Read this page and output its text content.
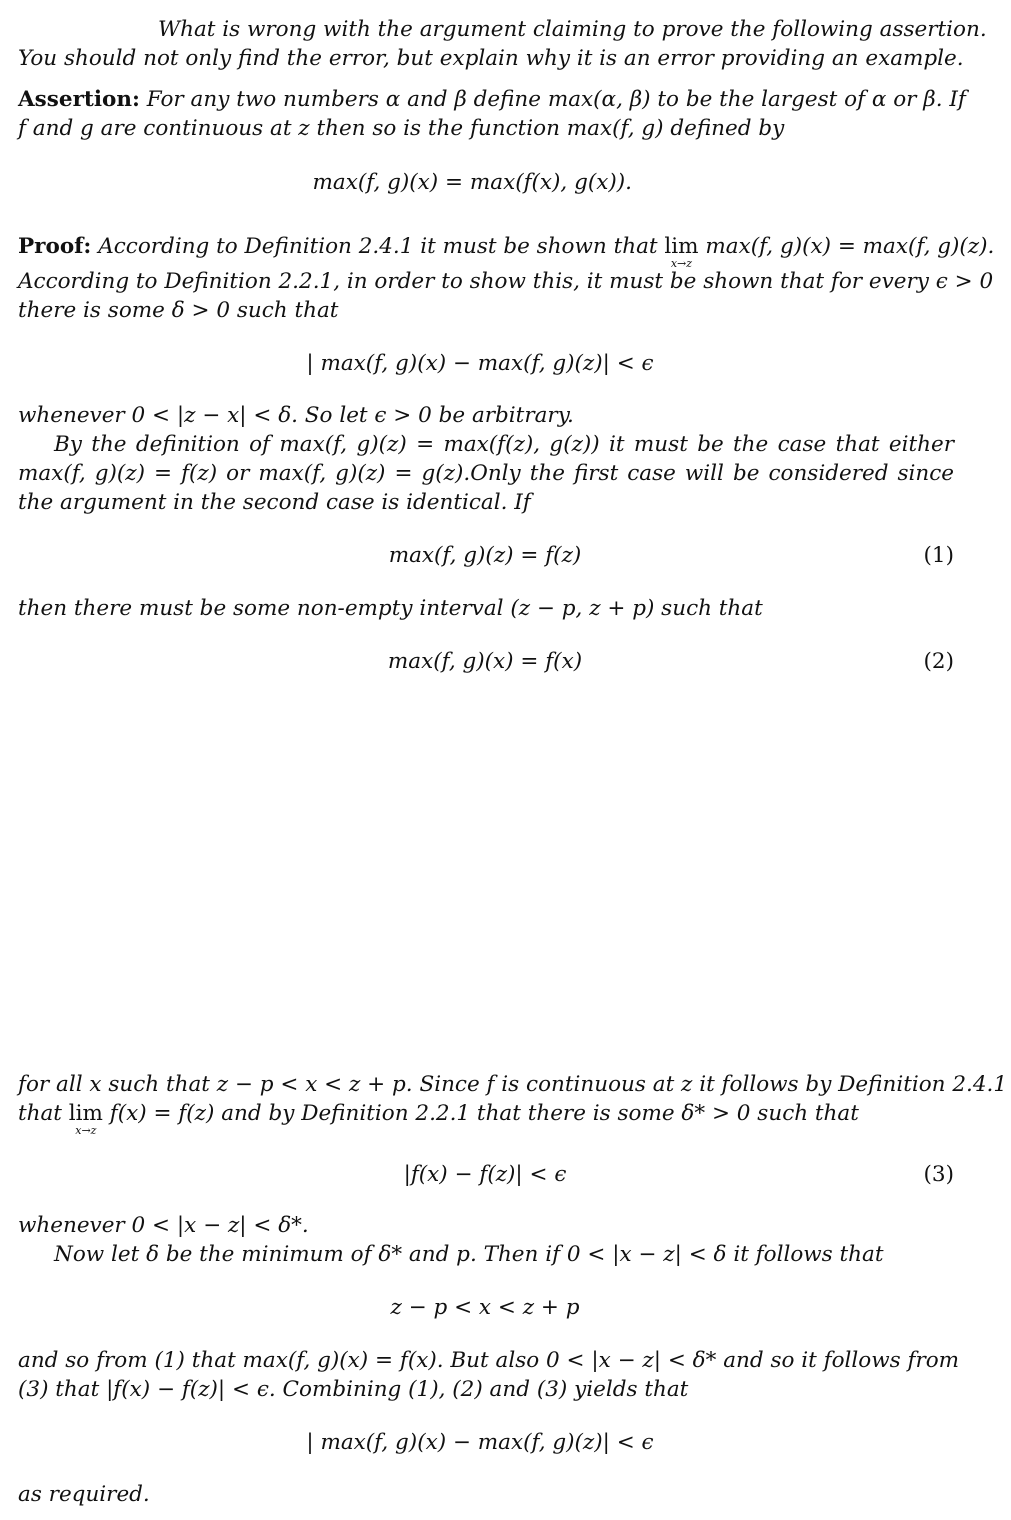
What is wrong with the argument claiming to prove the following assertion.
You should not only find the error, but explain why it is an error providing an example.
Assertion: For any two numbers α and β define max(α, β) to be the largest of α or β. If
f and g are continuous at z then so is the function max(f, g) defined by
max(f, g)(x) = max(f(x), g(x)).
Proof: According to Definition 2.4.1 it must be shown that lim
x→z
max(f, g)(x) = max(f, g)(z).
According to Definition 2.2.1, in order to show this, it must be shown that for every ϵ > 0
there is some δ > 0 such that
| max(f, g)(x) − max(f, g)(z)| < ϵ
whenever 0 < |z − x| < δ. So let ϵ > 0 be arbitrary.
By the definition of max(f, g)(z) = max(f(z), g(z)) it must be the case that either
max(f, g)(z) = f(z) or max(f, g)(z) = g(z).Only the first case will be considered since
the argument in the second case is identical. If
max(f, g)(z) = f(z)	(1)
then there must be some non-empty interval (z − p, z + p) such that
max(f, g)(x) = f(x)	(2)
for all x such that z − p < x < z + p. Since f is continuous at z it follows by Definition 2.4.1
that lim
x→z
f(x) = f(z) and by Definition 2.2.1 that there is some δ* > 0 such that
|f(x) − f(z)| < ϵ	(3)
whenever 0 < |x − z| < δ*.
Now let δ be the minimum of δ* and p. Then if 0 < |x − z| < δ it follows that
z − p < x < z + p
and so from (1) that max(f, g)(x) = f(x). But also 0 < |x − z| < δ* and so it follows from
(3) that |f(x) − f(z)| < ϵ. Combining (1), (2) and (3) yields that
| max(f, g)(x) − max(f, g)(z)| < ϵ
as required.
